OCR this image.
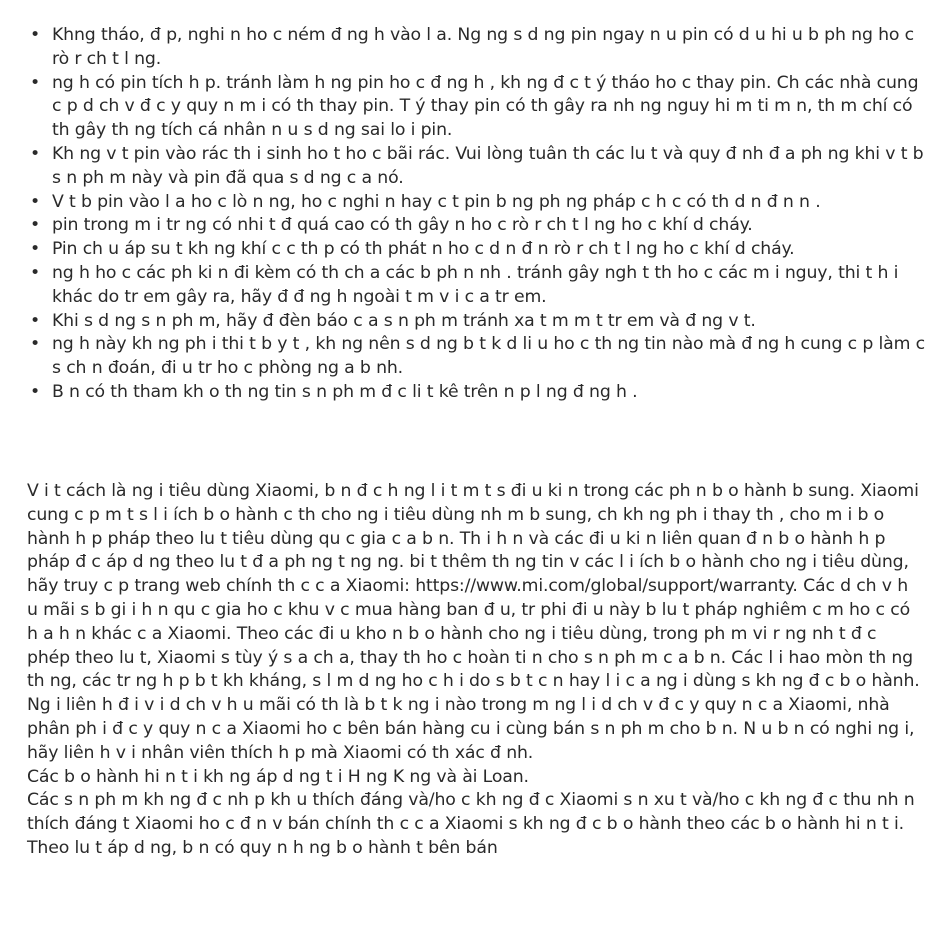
• Khng tháo, đ p, nghi n ho c ném đ ng h vào l a. Ng ng s d ng pin ngay n u pin có d u hi u b ph ng ho c rò r ch t l ng.
• ng h có pin tích h p. tránh làm h ng pin ho c đ ng h , kh ng đ c t ý tháo ho c thay pin. Ch các nhà cung c p d ch v đ c y quy n m i có th thay pin. T ý thay pin có th gây ra nh ng nguy hi m ti m n, th m chí có th gây th ng tích cá nhân n u s d ng sai lo i pin.
• Kh ng v t pin vào rác th i sinh ho t ho c bãi rác. Vui lòng tuân th các lu t và quy đ nh đ a ph ng khi v t b s n ph m này và pin đã qua s d ng c a nó.
• V t b pin vào l a ho c lò n ng, ho c nghi n hay c t pin b ng ph ng pháp c h c có th d n đ n n .
• pin trong m i tr ng có nhi t đ quá cao có th gây n ho c rò r ch t l ng ho c khí d cháy.
• Pin ch u áp su t kh ng khí c c th p có th phát n ho c d n đ n rò r ch t l ng ho c khí d cháy.
• ng h ho c các ph ki n đi kèm có th ch a các b ph n nh . tránh gây ngh t th ho c các m i nguy, thi t h i khác do tr em gây ra, hãy đ đ ng h ngoài t m v i c a tr em.
• Khi s d ng s n ph m, hãy đ đèn báo c a s n ph m tránh xa t m m t tr em và đ ng v t.
• ng h này kh ng ph i thi t b y t , kh ng nên s d ng b t k d li u ho c th ng tin nào mà đ ng h cung c p làm c s ch n đoán, đi u tr ho c phòng ng a b nh.
• B n có th tham kh o th ng tin s n ph m đ c li t kê trên n p l ng đ ng h .

V i t cách là ng i tiêu dùng Xiaomi, b n đ c h ng l i t m t s đi u ki n trong các ph n b o hành b sung. Xiaomi cung c p m t s l i ích b o hành c th cho ng i tiêu dùng nh m b sung, ch kh ng ph i thay th , cho m i b o hành h p pháp theo lu t tiêu dùng qu c gia c a b n. Th i h n và các đi u ki n liên quan đ n b o hành h p pháp đ c áp d ng theo lu t đ a ph ng t ng ng. bi t thêm th ng tin v các l i ích b o hành cho ng i tiêu dùng, hãy truy c p trang web chính th c c a Xiaomi: https://www.mi.com/global/support/warranty. Các d ch v h u mãi s b gi i h n qu c gia ho c khu v c mua hàng ban đ u, tr phi đi u này b lu t pháp nghiêm c m ho c có h a h n khác c a Xiaomi. Theo các đi u kho n b o hành cho ng i tiêu dùng, trong ph m vi r ng nh t đ c phép theo lu t, Xiaomi s tùy ý s a ch a, thay th ho c hoàn ti n cho s n ph m c a b n. Các l i hao mòn th ng th ng, các tr ng h p b t kh kháng, s l m d ng ho c h i do s b t c n hay l i c a ng i dùng s kh ng đ c b o hành. Ng i liên h đ i v i d ch v h u mãi có th là b t k ng i nào trong m ng l i d ch v đ c y quy n c a Xiaomi, nhà phân ph i đ c y quy n c a Xiaomi ho c bên bán hàng cu i cùng bán s n ph m cho b n. N u b n có nghi ng i, hãy liên h v i nhân viên thích h p mà Xiaomi có th xác đ nh.

Các b o hành hi n t i kh ng áp d ng t i H ng K ng và ài Loan.

Các s n ph m kh ng đ c nh p kh u thích đáng và/ho c kh ng đ c Xiaomi s n xu t và/ho c kh ng đ c thu nh n thích đáng t Xiaomi ho c đ n v bán chính th c c a Xiaomi s kh ng đ c b o hành theo các b o hành hi n t i. Theo lu t áp d ng, b n có quy n h ng b o hành t bên bán
